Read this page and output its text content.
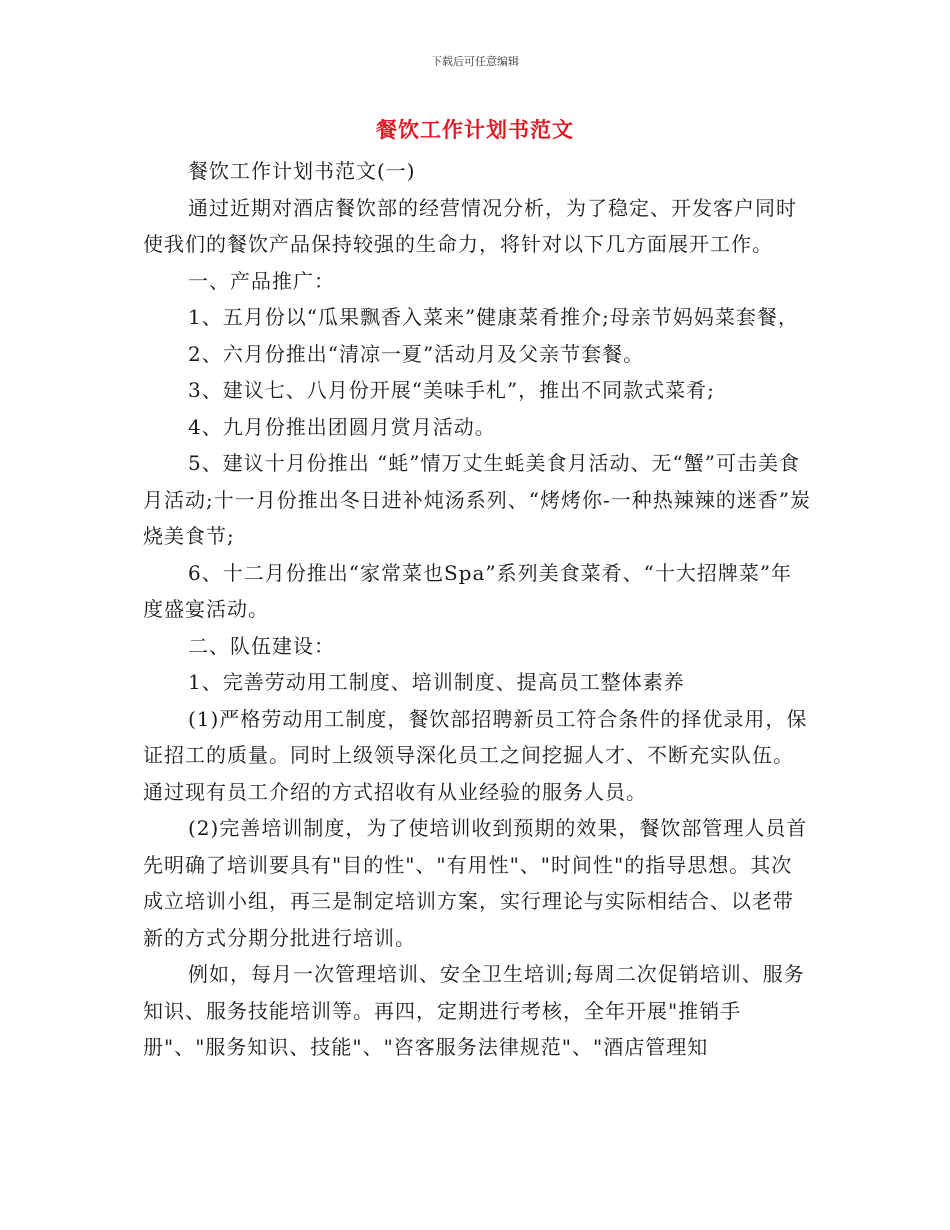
下载后可任意编辑
餐饮工作计划书范文

餐饮工作计划书范文(一)

通过近期对酒店餐饮部的经营情况分析，为了稳定、开发客户同时使我们的餐饮产品保持较强的生命力，将针对以下几方面展开工作。

一、产品推广：

1、五月份以“瓜果飘香入菜来”健康菜肴推介;母亲节妈妈菜套餐，

2、六月份推出“清凉一夏”活动月及父亲节套餐。

3、建议七、八月份开展“美味手札”，推出不同款式菜肴;

4、九月份推出团圆月赏月活动。

5、建议十月份推出 “蚝”情万丈生蚝美食月活动、无“蟹”可击美食月活动;十一月份推出冬日进补炖汤系列、“烤烤你-一种热辣辣的迷香”炭烧美食节;

6、十二月份推出“家常菜也Spa”系列美食菜肴、“十大招牌菜”年度盛宴活动。

二、队伍建设：

1、完善劳动用工制度、培训制度、提高员工整体素养

(1)严格劳动用工制度，餐饮部招聘新员工符合条件的择优录用，保证招工的质量。同时上级领导深化员工之间挖掘人才、不断充实队伍。通过现有员工介绍的方式招收有从业经验的服务人员。

(2)完善培训制度，为了使培训收到预期的效果，餐饮部管理人员首先明确了培训要具有"目的性"、"有用性"、"时间性"的指导思想。其次成立培训小组，再三是制定培训方案，实行理论与实际相结合、以老带新的方式分期分批进行培训。

例如，每月一次管理培训、安全卫生培训;每周二次促销培训、服务知识、服务技能培训等。再四，定期进行考核，全年开展"推销手册"、"服务知识、技能"、"咨客服务法律规范"、"酒店管理知
